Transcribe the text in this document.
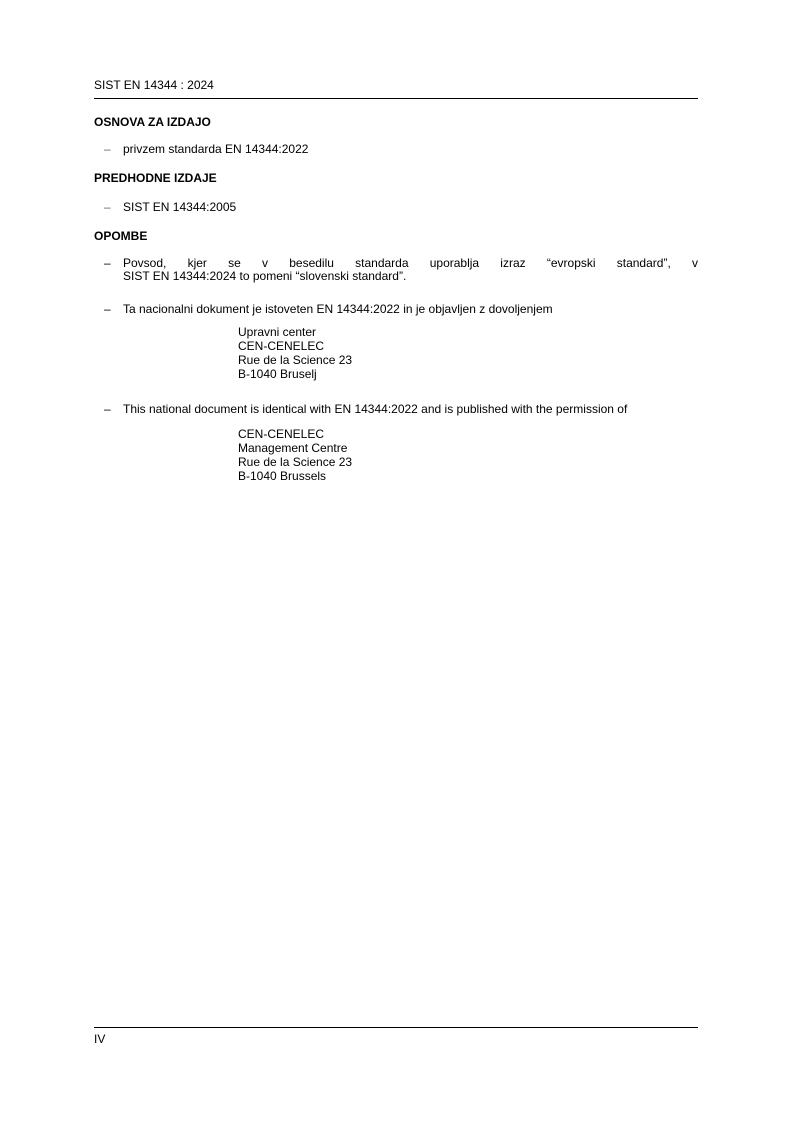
SIST EN 14344 : 2024
OSNOVA ZA IZDAJO
–	privzem standarda EN 14344:2022
PREDHODNE IZDAJE
–	SIST EN 14344:2005
OPOMBE
–	Povsod, kjer se v besedilu standarda uporablja izraz “evropski standard”, v
SIST EN 14344:2024 to pomeni “slovenski standard”.
–	Ta nacionalni dokument je istoveten EN 14344:2022 in je objavljen z dovoljenjem
Upravni center
CEN-CENELEC
Rue de la Science 23
B-1040 Bruselj
–	This national document is identical with EN 14344:2022 and is published with the permission of
CEN-CENELEC
Management Centre
Rue de la Science 23
B-1040 Brussels
IV
